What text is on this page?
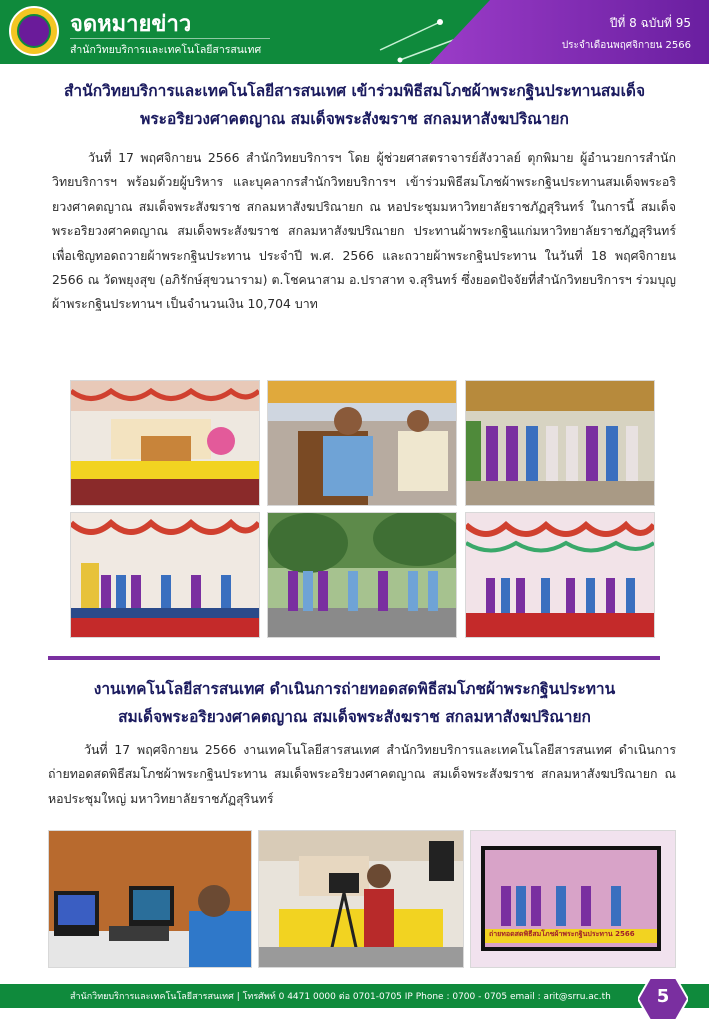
จดหมายข่าว
สำนักวิทยบริการและเทคโนโลยีสารสนเทศ
ปีที่ 8 ฉบับที่ 95
ประจำเดือนพฤศจิกายน 2566
สำนักวิทยบริการและเทคโนโลยีสารสนเทศ เข้าร่วมพิธีสมโภชผ้าพระกฐินประทานสมเด็จ
พระอริยวงศาคตญาณ สมเด็จพระสังฆราช สกลมหาสังฆปริณายก
วันที่ 17 พฤศจิกายน 2566 สำนักวิทยบริการฯ โดย ผู้ช่วยศาสตราจารย์สังวาลย์ ตุกพิมาย ผู้อำนวยการสำนักวิทยบริการฯ พร้อมด้วยผู้บริหาร และบุคลากรสำนักวิทยบริการฯ เข้าร่วมพิธีสมโภชผ้าพระกฐินประทานสมเด็จพระอริยวงศาคตญาณ สมเด็จพระสังฆราช สกลมหาสังฆปริณายก ณ หอประชุมมหาวิทยาลัยราชภัฏสุรินทร์ ในการนี้ สมเด็จพระอริยวงศาคตญาณ สมเด็จพระสังฆราช สกลมหาสังฆปริณายก ประทานผ้าพระกฐินแก่มหาวิทยาลัยราชภัฏสุรินทร์เพื่อเชิญทอดถวายผ้าพระกฐินประทาน ประจำปี พ.ศ. 2566 และถวายผ้าพระกฐินประทาน ในวันที่ 18 พฤศจิกายน 2566 ณ วัดพยุงสุข (อภิรักษ์สุขวนาราม) ต.โชคนาสาม อ.ปราสาท จ.สุรินทร์ ซึ่งยอดปัจจัยที่สำนักวิทยบริการฯ ร่วมบุญผ้าพระกฐินประทานฯ เป็นจำนวนเงิน 10,704 บาท
งานเทคโนโลยีสารสนเทศ ดำเนินการถ่ายทอดสดพิธีสมโภชผ้าพระกฐินประทาน
สมเด็จพระอริยวงศาคตญาณ สมเด็จพระสังฆราช สกลมหาสังฆปริณายก
วันที่ 17 พฤศจิกายน 2566 งานเทคโนโลยีสารสนเทศ สำนักวิทยบริการและเทคโนโลยีสารสนเทศ ดำเนินการถ่ายทอดสดพิธีสมโภชผ้าพระกฐินประทาน สมเด็จพระอริยวงศาคตญาณ สมเด็จพระสังฆราช สกลมหาสังฆปริณายก ณ หอประชุมใหญ่ มหาวิทยาลัยราชภัฏสุรินทร์
ถ่ายทอดสดพิธีสมโภชผ้าพระกฐินประทาน 2566
สำนักวิทยบริการและเทคโนโลยีสารสนเทศ | โทรศัพท์ 0 4471 0000 ต่อ 0701-0705 IP Phone : 0700 - 0705 email : arit@srru.ac.th	5
